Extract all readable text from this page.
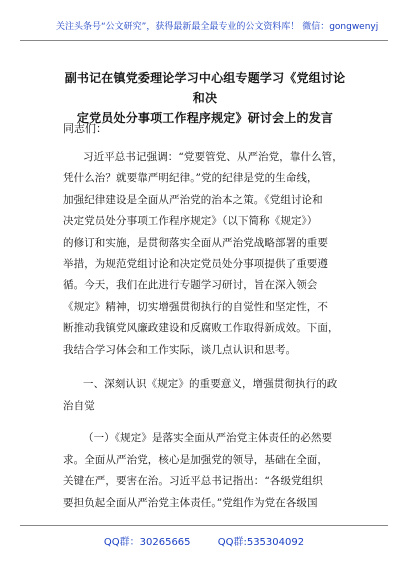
关注头条号“公文研究”，获得最新最全最专业的公文资料库！ 微信：gongwenyj
副书记在镇党委理论学习中心组专题学习《党组讨论和决
定党员处分事项工作程序规定》研讨会上的发言
同志们：
习近平总书记强调：“党要管党、从严治党，靠什么管，
凭什么治？就要靠严明纪律。”党的纪律是党的生命线，
加强纪律建设是全面从严治党的治本之策。《党组讨论和
决定党员处分事项工作程序规定》（以下简称《规定》）
的修订和实施，是贯彻落实全面从严治党战略部署的重要
举措，为规范党组讨论和决定党员处分事项提供了重要遵
循。今天，我们在此进行专题学习研讨，旨在深入领会
《规定》精神，切实增强贯彻执行的自觉性和坚定性，不
断推动我镇党风廉政建设和反腐败工作取得新成效。下面，
我结合学习体会和工作实际，谈几点认识和思考。
一、深刻认识《规定》的重要意义，增强贯彻执行的政
治自觉
（一）《规定》是落实全面从严治党主体责任的必然要
求。全面从严治党，核心是加强党的领导，基础在全面，
关键在严，要害在治。习近平总书记指出：“各级党组织
要担负起全面从严治党主体责任。”党组作为党在各级国
QQ群：30265665	QQ群:535304092
